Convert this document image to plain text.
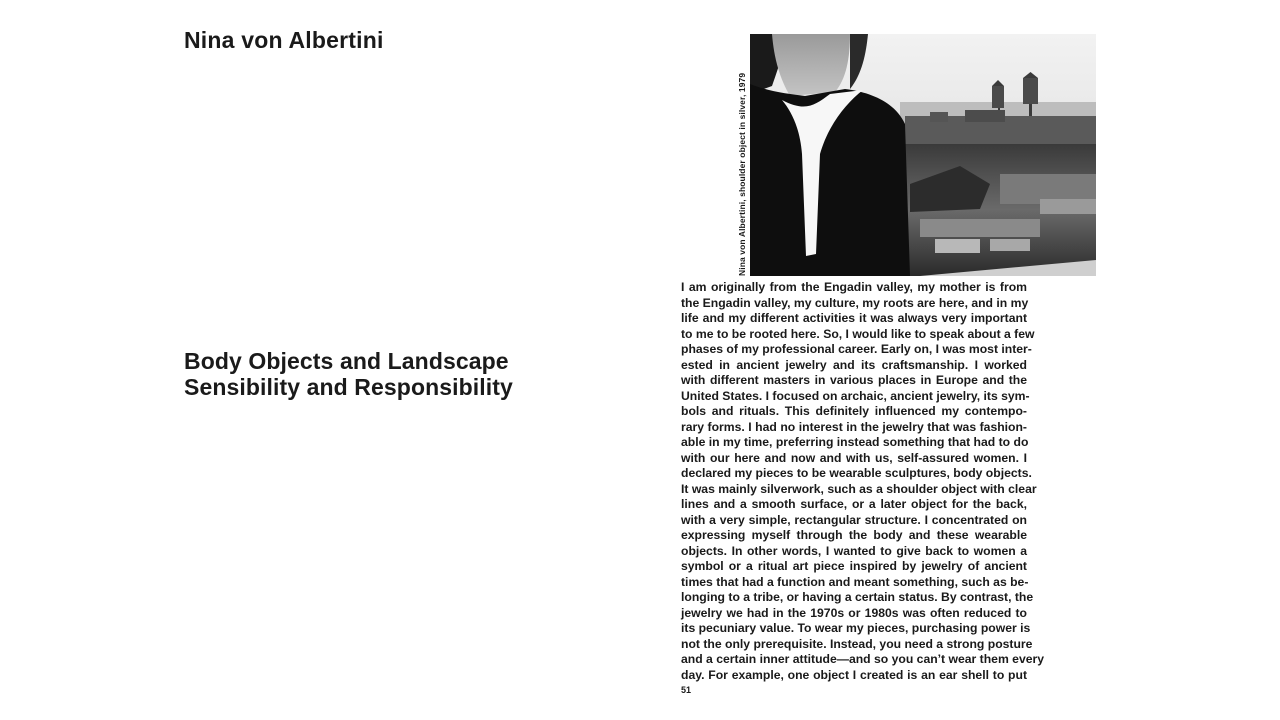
Nina von Albertini
Body Objects and Landscape
Sensibility and Responsibility
Nina von Albertini, shoulder object in silver, 1979
I am originally from the Engadin valley, my mother is from
the Engadin valley, my culture, my roots are here, and in my
life and my different activities it was always very important
to me to be rooted here. So, I would like to speak about a few
phases of my professional career. Early on, I was most inter-
ested in ancient jewelry and its craftsmanship. I worked
with different masters in various places in Europe and the
United States. I focused on archaic, ancient jewelry, its sym-
bols and rituals. This definitely influenced my contempo-
rary forms. I had no interest in the jewelry that was fashion-
able in my time, preferring instead something that had to do
with our here and now and with us, self-assured women. I
declared my pieces to be wearable sculptures, body objects.
It was mainly silverwork, such as a shoulder object with clear
lines and a smooth surface, or a later object for the back,
with a very simple, rectangular structure. I concentrated on
expressing myself through the body and these wearable
objects. In other words, I wanted to give back to women a
symbol or a ritual art piece inspired by jewelry of ancient
times that had a function and meant something, such as be-
longing to a tribe, or having a certain status. By contrast, the
jewelry we had in the 1970s or 1980s was often reduced to
its pecuniary value. To wear my pieces, purchasing power is
not the only prerequisite. Instead, you need a strong posture
and a certain inner attitude—and so you can’t wear them every
day. For example, one object I created is an ear shell to put
51
